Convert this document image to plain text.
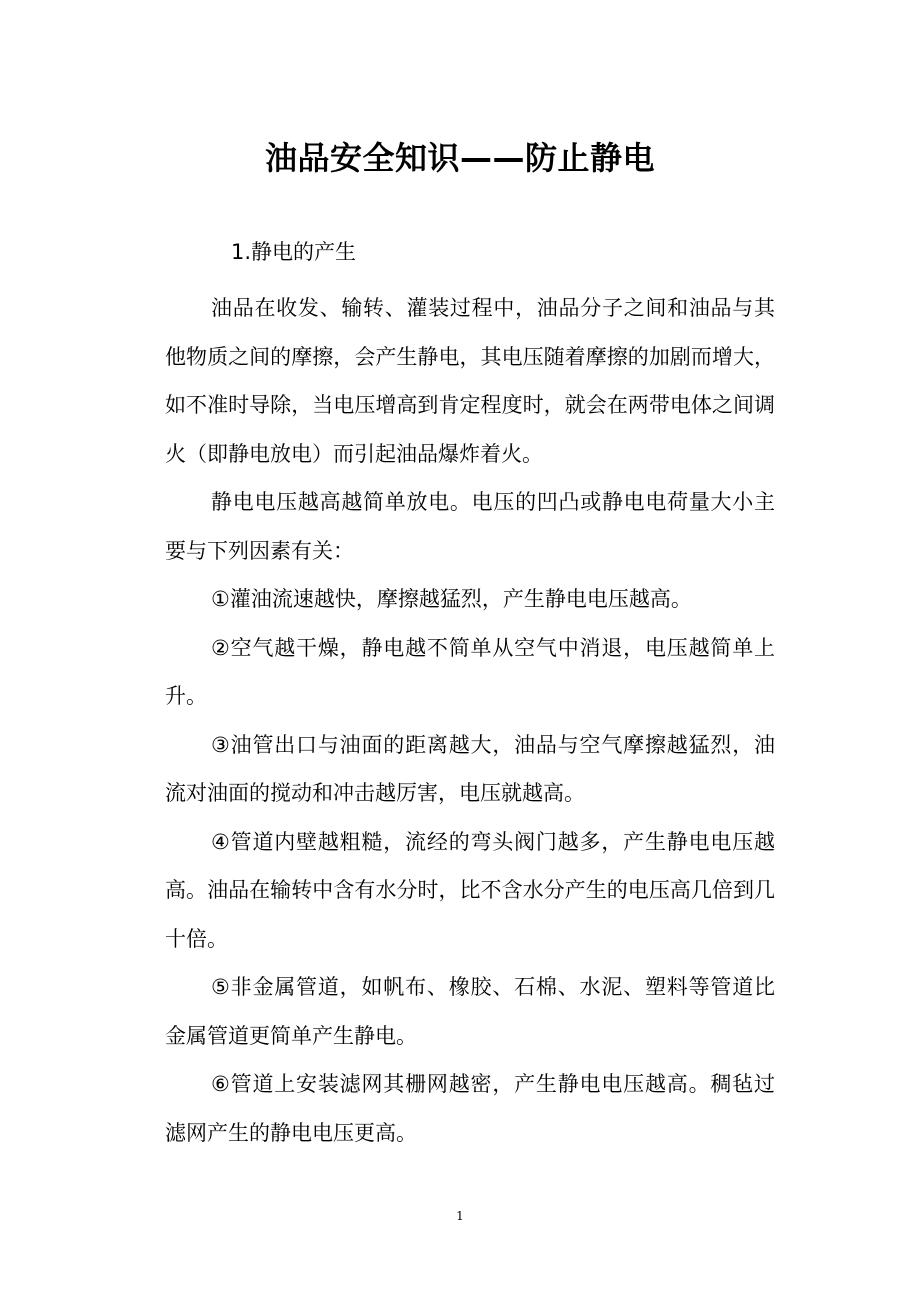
油品安全知识——防止静电
1.静电的产生

油品在收发、输转、灌装过程中，油品分子之间和油品与其他物质之间的摩擦，会产生静电，其电压随着摩擦的加剧而增大，如不准时导除，当电压增高到肯定程度时，就会在两带电体之间调火（即静电放电）而引起油品爆炸着火。

静电电压越高越简单放电。电压的凹凸或静电电荷量大小主要与下列因素有关：

①灌油流速越快，摩擦越猛烈，产生静电电压越高。

②空气越干燥，静电越不简单从空气中消退，电压越简单上升。

③油管出口与油面的距离越大，油品与空气摩擦越猛烈，油流对油面的搅动和冲击越厉害，电压就越高。

④管道内壁越粗糙，流经的弯头阀门越多，产生静电电压越高。油品在输转中含有水分时，比不含水分产生的电压高几倍到几十倍。

⑤非金属管道，如帆布、橡胶、石棉、水泥、塑料等管道比金属管道更简单产生静电。

⑥管道上安装滤网其栅网越密，产生静电电压越高。稠毡过滤网产生的静电电压更高。

1
